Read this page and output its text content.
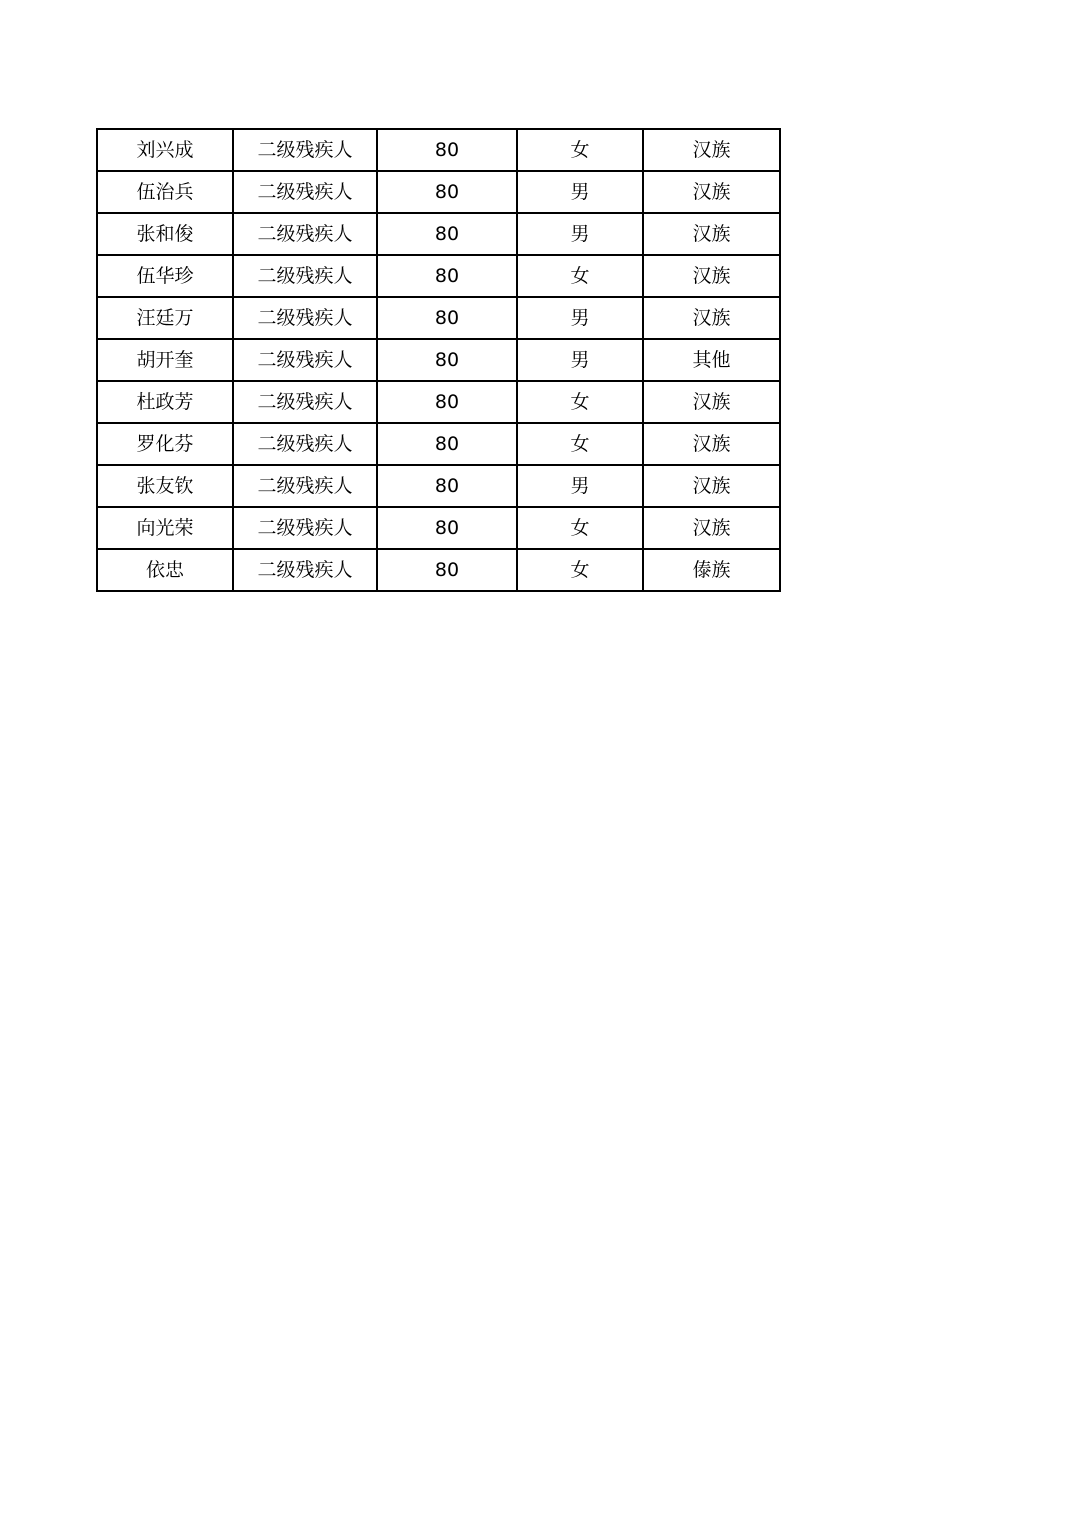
刘兴成	二级残疾人	80	女	汉族
伍治兵	二级残疾人	80	男	汉族
张和俊	二级残疾人	80	男	汉族
伍华珍	二级残疾人	80	女	汉族
汪廷万	二级残疾人	80	男	汉族
胡开奎	二级残疾人	80	男	其他
杜政芳	二级残疾人	80	女	汉族
罗化芬	二级残疾人	80	女	汉族
张友钦	二级残疾人	80	男	汉族
向光荣	二级残疾人	80	女	汉族
依忠	二级残疾人	80	女	傣族
